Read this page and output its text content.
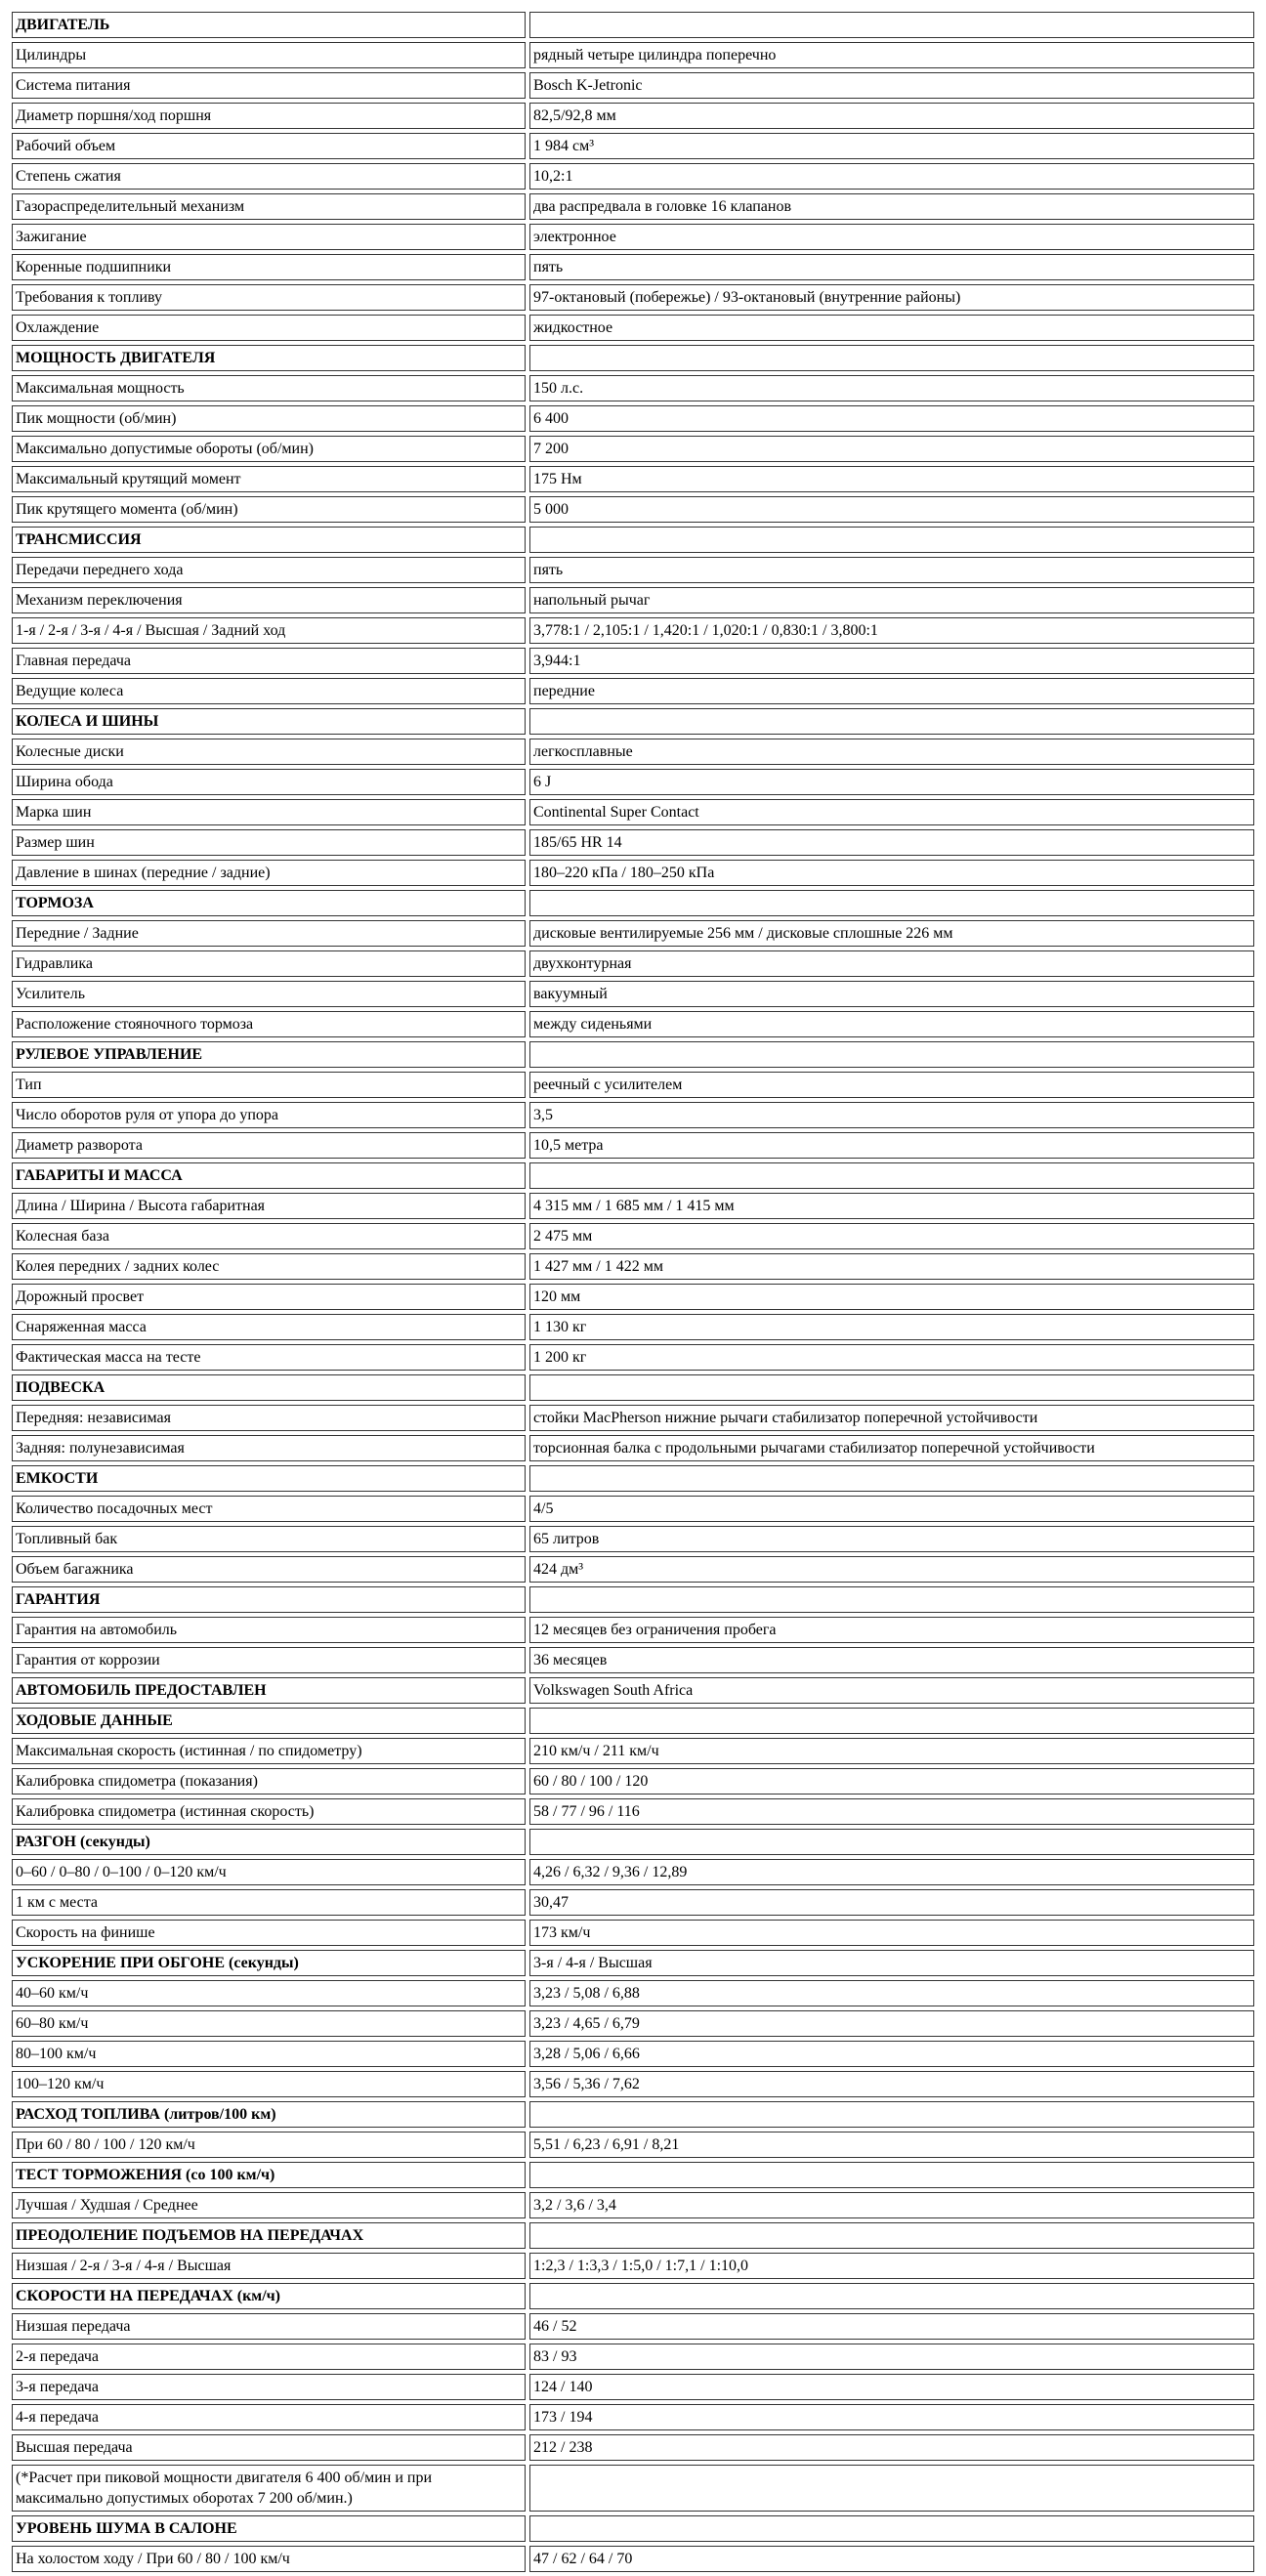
ДВИГАТЕЛЬ	
Цилиндры	рядный четыре цилиндра поперечно
Система питания	Bosch K-Jetronic
Диаметр поршня/ход поршня	82,5/92,8 мм
Рабочий объем	1 984 см³
Степень сжатия	10,2:1
Газораспределительный механизм	два распредвала в головке 16 клапанов
Зажигание	электронное
Коренные подшипники	пять
Требования к топливу	97-октановый (побережье) / 93-октановый (внутренние районы)
Охлаждение	жидкостное
МОЩНОСТЬ ДВИГАТЕЛЯ	
Максимальная мощность	150 л.с.
Пик мощности (об/мин)	6 400
Максимально допустимые обороты (об/мин)	7 200
Максимальный крутящий момент	175 Нм
Пик крутящего момента (об/мин)	5 000
ТРАНСМИССИЯ	
Передачи переднего хода	пять
Механизм переключения	напольный рычаг
1-я / 2-я / 3-я / 4-я / Высшая / Задний ход	3,778:1 / 2,105:1 / 1,420:1 / 1,020:1 / 0,830:1 / 3,800:1
Главная передача	3,944:1
Ведущие колеса	передние
КОЛЕСА И ШИНЫ	
Колесные диски	легкосплавные
Ширина обода	6 J
Марка шин	Continental Super Contact
Размер шин	185/65 HR 14
Давление в шинах (передние / задние)	180–220 кПа / 180–250 кПа
ТОРМОЗА	
Передние / Задние	дисковые вентилируемые 256 мм / дисковые сплошные 226 мм
Гидравлика	двухконтурная
Усилитель	вакуумный
Расположение стояночного тормоза	между сиденьями
РУЛЕВОЕ УПРАВЛЕНИЕ	
Тип	реечный с усилителем
Число оборотов руля от упора до упора	3,5
Диаметр разворота	10,5 метра
ГАБАРИТЫ И МАССА	
Длина / Ширина / Высота габаритная	4 315 мм / 1 685 мм / 1 415 мм
Колесная база	2 475 мм
Колея передних / задних колес	1 427 мм / 1 422 мм
Дорожный просвет	120 мм
Снаряженная масса	1 130 кг
Фактическая масса на тесте	1 200 кг
ПОДВЕСКА	
Передняя: независимая	стойки MacPherson нижние рычаги стабилизатор поперечной устойчивости
Задняя: полунезависимая	торсионная балка с продольными рычагами стабилизатор поперечной устойчивости
ЕМКОСТИ	
Количество посадочных мест	4/5
Топливный бак	65 литров
Объем багажника	424 дм³
ГАРАНТИЯ	
Гарантия на автомобиль	12 месяцев без ограничения пробега
Гарантия от коррозии	36 месяцев
АВТОМОБИЛЬ ПРЕДОСТАВЛЕН	Volkswagen South Africa
ХОДОВЫЕ ДАННЫЕ	
Максимальная скорость (истинная / по спидометру)	210 км/ч / 211 км/ч
Калибровка спидометра (показания)	60 / 80 / 100 / 120
Калибровка спидометра (истинная скорость)	58 / 77 / 96 / 116
РАЗГОН (секунды)	
0–60 / 0–80 / 0–100 / 0–120 км/ч	4,26 / 6,32 / 9,36 / 12,89
1 км с места	30,47
Скорость на финише	173 км/ч
УСКОРЕНИЕ ПРИ ОБГОНЕ (секунды)	3-я / 4-я / Высшая
40–60 км/ч	3,23 / 5,08 / 6,88
60–80 км/ч	3,23 / 4,65 / 6,79
80–100 км/ч	3,28 / 5,06 / 6,66
100–120 км/ч	3,56 / 5,36 / 7,62
РАСХОД ТОПЛИВА (литров/100 км)	
При 60 / 80 / 100 / 120 км/ч	5,51 / 6,23 / 6,91 / 8,21
ТЕСТ ТОРМОЖЕНИЯ (со 100 км/ч)	
Лучшая / Худшая / Среднее	3,2 / 3,6 / 3,4
ПРЕОДОЛЕНИЕ ПОДЪЕМОВ НА ПЕРЕДАЧАХ	
Низшая / 2-я / 3-я / 4-я / Высшая	1:2,3 / 1:3,3 / 1:5,0 / 1:7,1 / 1:10,0
СКОРОСТИ НА ПЕРЕДАЧАХ (км/ч)	
Низшая передача	46 / 52
2-я передача	83 / 93
3-я передача	124 / 140
4-я передача	173 / 194
Высшая передача	212 / 238
(*Расчет при пиковой мощности двигателя 6 400 об/мин и при максимально допустимых оборотах 7 200 об/мин.)	
УРОВЕНЬ ШУМА В САЛОНЕ	
На холостом ходу / При 60 / 80 / 100 км/ч	47 / 62 / 64 / 70
